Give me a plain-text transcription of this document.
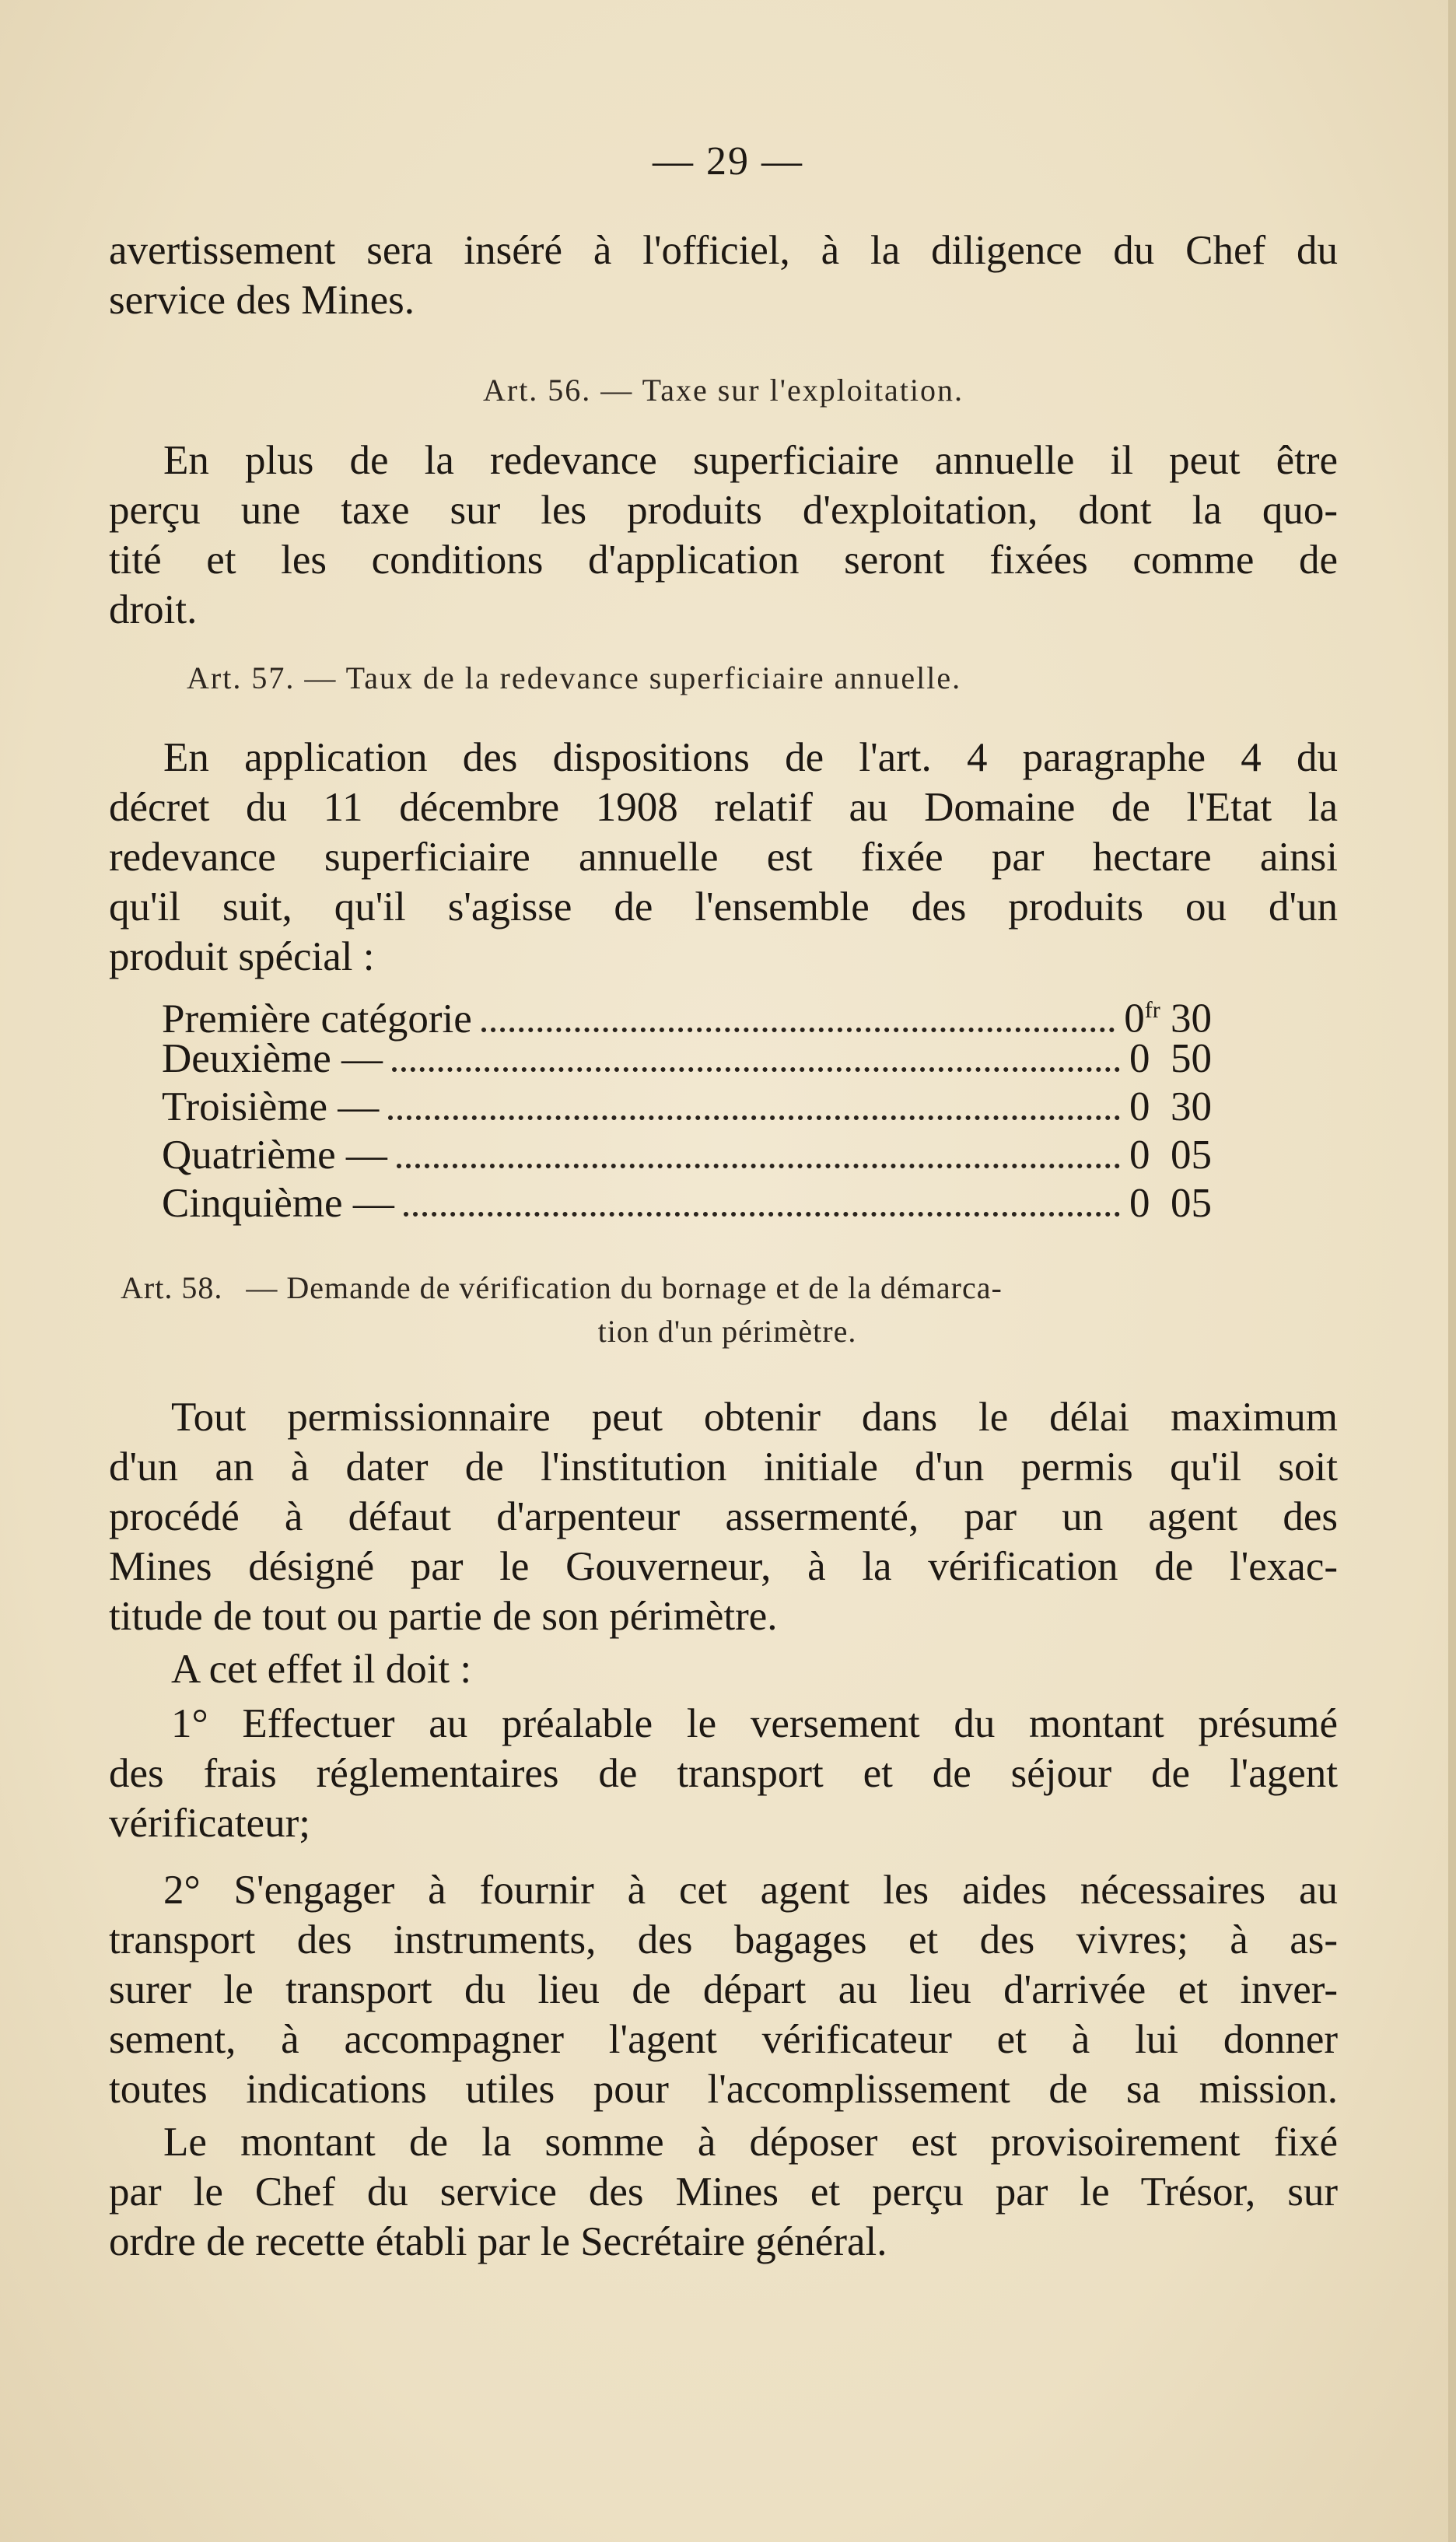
— 29 —
avertissement sera inséré à l'officiel, à la diligence du Chef du
service des Mines.
Art. 56. — Taxe sur l'exploitation.
En plus de la redevance superficiaire annuelle il peut être
perçu une taxe sur les produits d'exploitation, dont la quo-
tité et les conditions d'application seront fixées comme de
droit.
Art. 57. — Taux de la redevance superficiaire annuelle.
En application des dispositions de l'art. 4 paragraphe 4 du
décret du 11 décembre 1908 relatif au Domaine de l'Etat la
redevance superficiaire annuelle est fixée par hectare ainsi
qu'il suit, qu'il s'agisse de l'ensemble des produits ou d'un
produit spécial :
Première catégorie	$0^{fr}$ 30
Deuxième —	0 50
Troisième —	0 30
Quatrième —	0 05
Cinquième —	0 05
Art. 58. — Demande de vérification du bornage et de la démarca-
tion d'un périmètre.
Tout permissionnaire peut obtenir dans le délai maximum
d'un an à dater de l'institution initiale d'un permis qu'il soit
procédé à défaut d'arpenteur assermenté, par un agent des
Mines désigné par le Gouverneur, à la vérification de l'exac-
titude de tout ou partie de son périmètre.
A cet effet il doit :
1° Effectuer au préalable le versement du montant présumé
des frais réglementaires de transport et de séjour de l'agent
vérificateur;
2° S'engager à fournir à cet agent les aides nécessaires au
transport des instruments, des bagages et des vivres; à as-
surer le transport du lieu de départ au lieu d'arrivée et inver-
sement, à accompagner l'agent vérificateur et à lui donner
toutes indications utiles pour l'accomplissement de sa mission.
Le montant de la somme à déposer est provisoirement fixé
par le Chef du service des Mines et perçu par le Trésor, sur
ordre de recette établi par le Secrétaire général.
